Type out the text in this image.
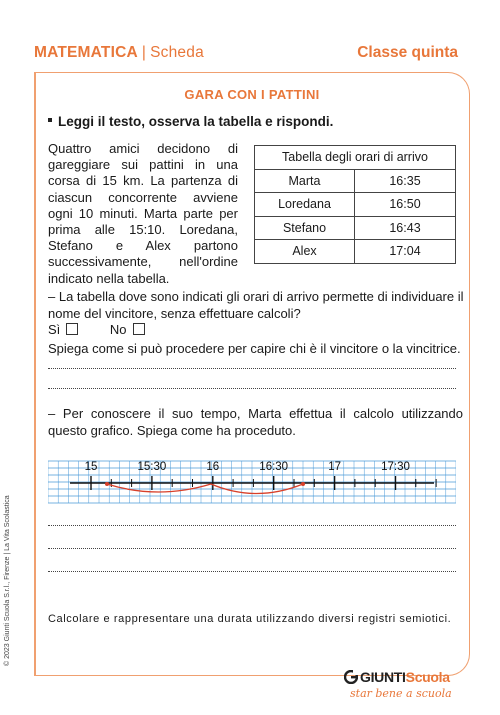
MATEMATICA | Scheda	Classe quinta
GARA CON I PATTINI
Leggi il testo, osserva la tabella e rispondi.
Quattro amici decidono di gareggiare sui pattini in una corsa di 15 km. La partenza di ciascun concorrente avviene ogni 10 minuti. Marta parte per prima alle 15:10. Loredana, Stefano e Alex partono successivamente, nell'ordine indicato nella tabella.
Tabella degli orari di arrivo	
Marta	16:35
Loredana	16:50
Stefano	16:43
Alex	17:04
– La tabella dove sono indicati gli orari di arrivo permette di individuare il nome del vincitore, senza effettuare calcoli?
Sì	No
Spiega come si può procedere per capire chi è il vincitore o la vincitrice.
– Per conoscere il suo tempo, Marta effettua il calcolo utilizzando questo grafico. Spiega come ha proceduto.
15	15:30	16	16:30	17	17:30
Calcolare e rappresentare una durata utilizzando diversi registri semiotici.
© 2023 Giunti Scuola S.r.l., Firenze | La Vita Scolastica
GIUNTIScuola
star bene a scuola
